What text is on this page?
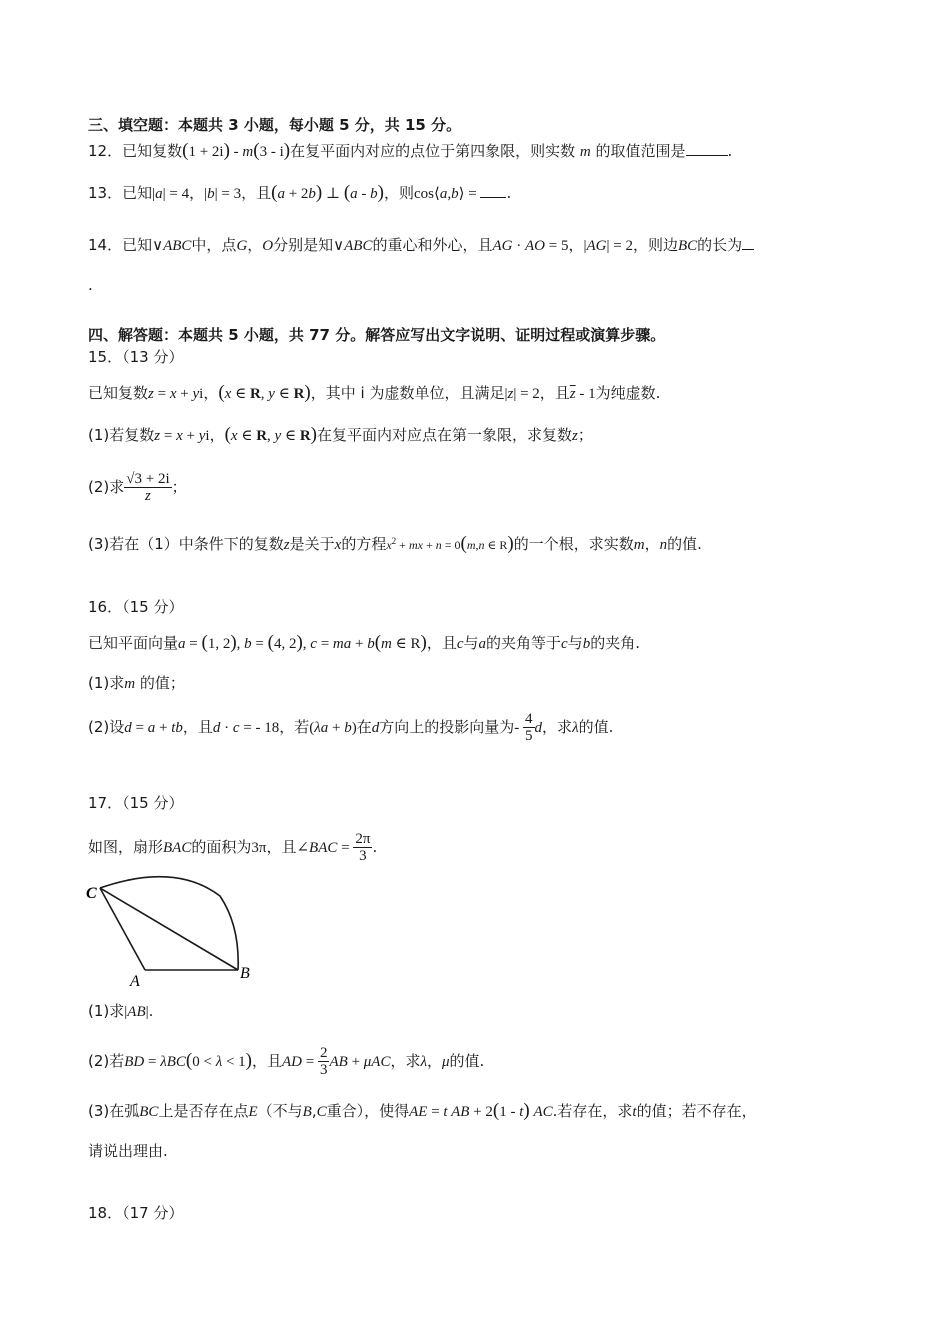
三、填空题：本题共 3 小题，每小题 5 分，共 15 分。
12．已知复数(1 + 2i) - m(3 - i)在复平面内对应的点位于第四象限，则实数 m 的取值范围是	.
13．已知|a| = 4，|b| = 3，且(a + 2b) ⊥ (a - b)，则cos⟨a,b⟩ = .
14．已知∨ABC中，点G，O分别是知∨ABC的重心和外心，且AG · AO = 5，|AG| = 2，则边BC的长为
.
四、解答题：本题共 5 小题，共 77 分。解答应写出文字说明、证明过程或演算步骤。
15．（13 分）
已知复数z = x + yi，(x ∈ R, y ∈ R)，其中 i 为虚数单位，且满足|z| = 2，且$\overline{z} - 1$为纯虚数.
(1)若复数z = x + yi，(x ∈ R, y ∈ R)在复平面内对应点在第一象限，求复数z；
(2)求 $\frac{√3 + 2i}{z}$ ；
(3)若在（1）中条件下的复数z是关于x的方程$x^2$ + mx + n = 0(m,n ∈ R)的一个根，求实数m，n的值.
16．（15 分）
已知平面向量a = (1, 2), b = (4, 2), c = ma + b(m ∈ R)，且c与a的夹角等于c与b的夹角.
(1)求m 的值；
(2)设d = a + tb，且d · c = - 18，若(λa + b)在d方向上的投影向量为- $\frac{4}{5}$ d，求λ的值.
17．（15 分）
如图，扇形BAC的面积为3π，且∠BAC = $\frac{2\pi}{3}$ .
C
A	B
(1)求|AB|.
(2)若BD = λBC(0 < λ < 1)，且AD = $\frac{2}{3}$ AB + μAC，求λ，μ的值.
(3)在弧BC上是否存在点E（不与B,C重合），使得AE = t AB + 2(1 - t) AC.若存在，求t的值；若不存在，
请说出理由.
18．（17 分）
